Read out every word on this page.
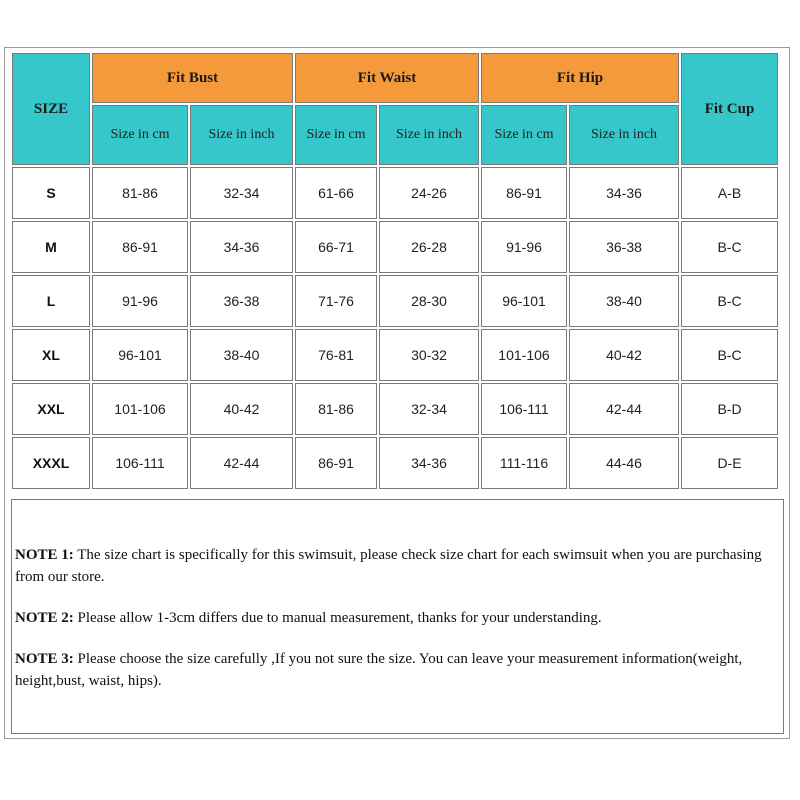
SIZE	Fit Bust		Fit Waist		Fit Hip		Fit Cup
	Size in cm	Size in inch	Size in cm	Size in inch	Size in cm	Size in inch	
S	81-86	32-34	61-66	24-26	86-91	34-36	A-B
M	86-91	34-36	66-71	26-28	91-96	36-38	B-C
L	91-96	36-38	71-76	28-30	96-101	38-40	B-C
XL	96-101	38-40	76-81	30-32	101-106	40-42	B-C
XXL	101-106	40-42	81-86	32-34	106-111	42-44	B-D
XXXL	106-111	42-44	86-91	34-36	111-116	44-46	D-E

NOTE 1: The size chart is specifically for this swimsuit, please check size chart for each swimsuit when you are purchasing from our store.

NOTE 2: Please allow 1-3cm differs due to manual measurement, thanks for your understanding.

NOTE 3: Please choose the size carefully ,If you not sure the size. You can leave your measurement information(weight, height,bust, waist, hips).
